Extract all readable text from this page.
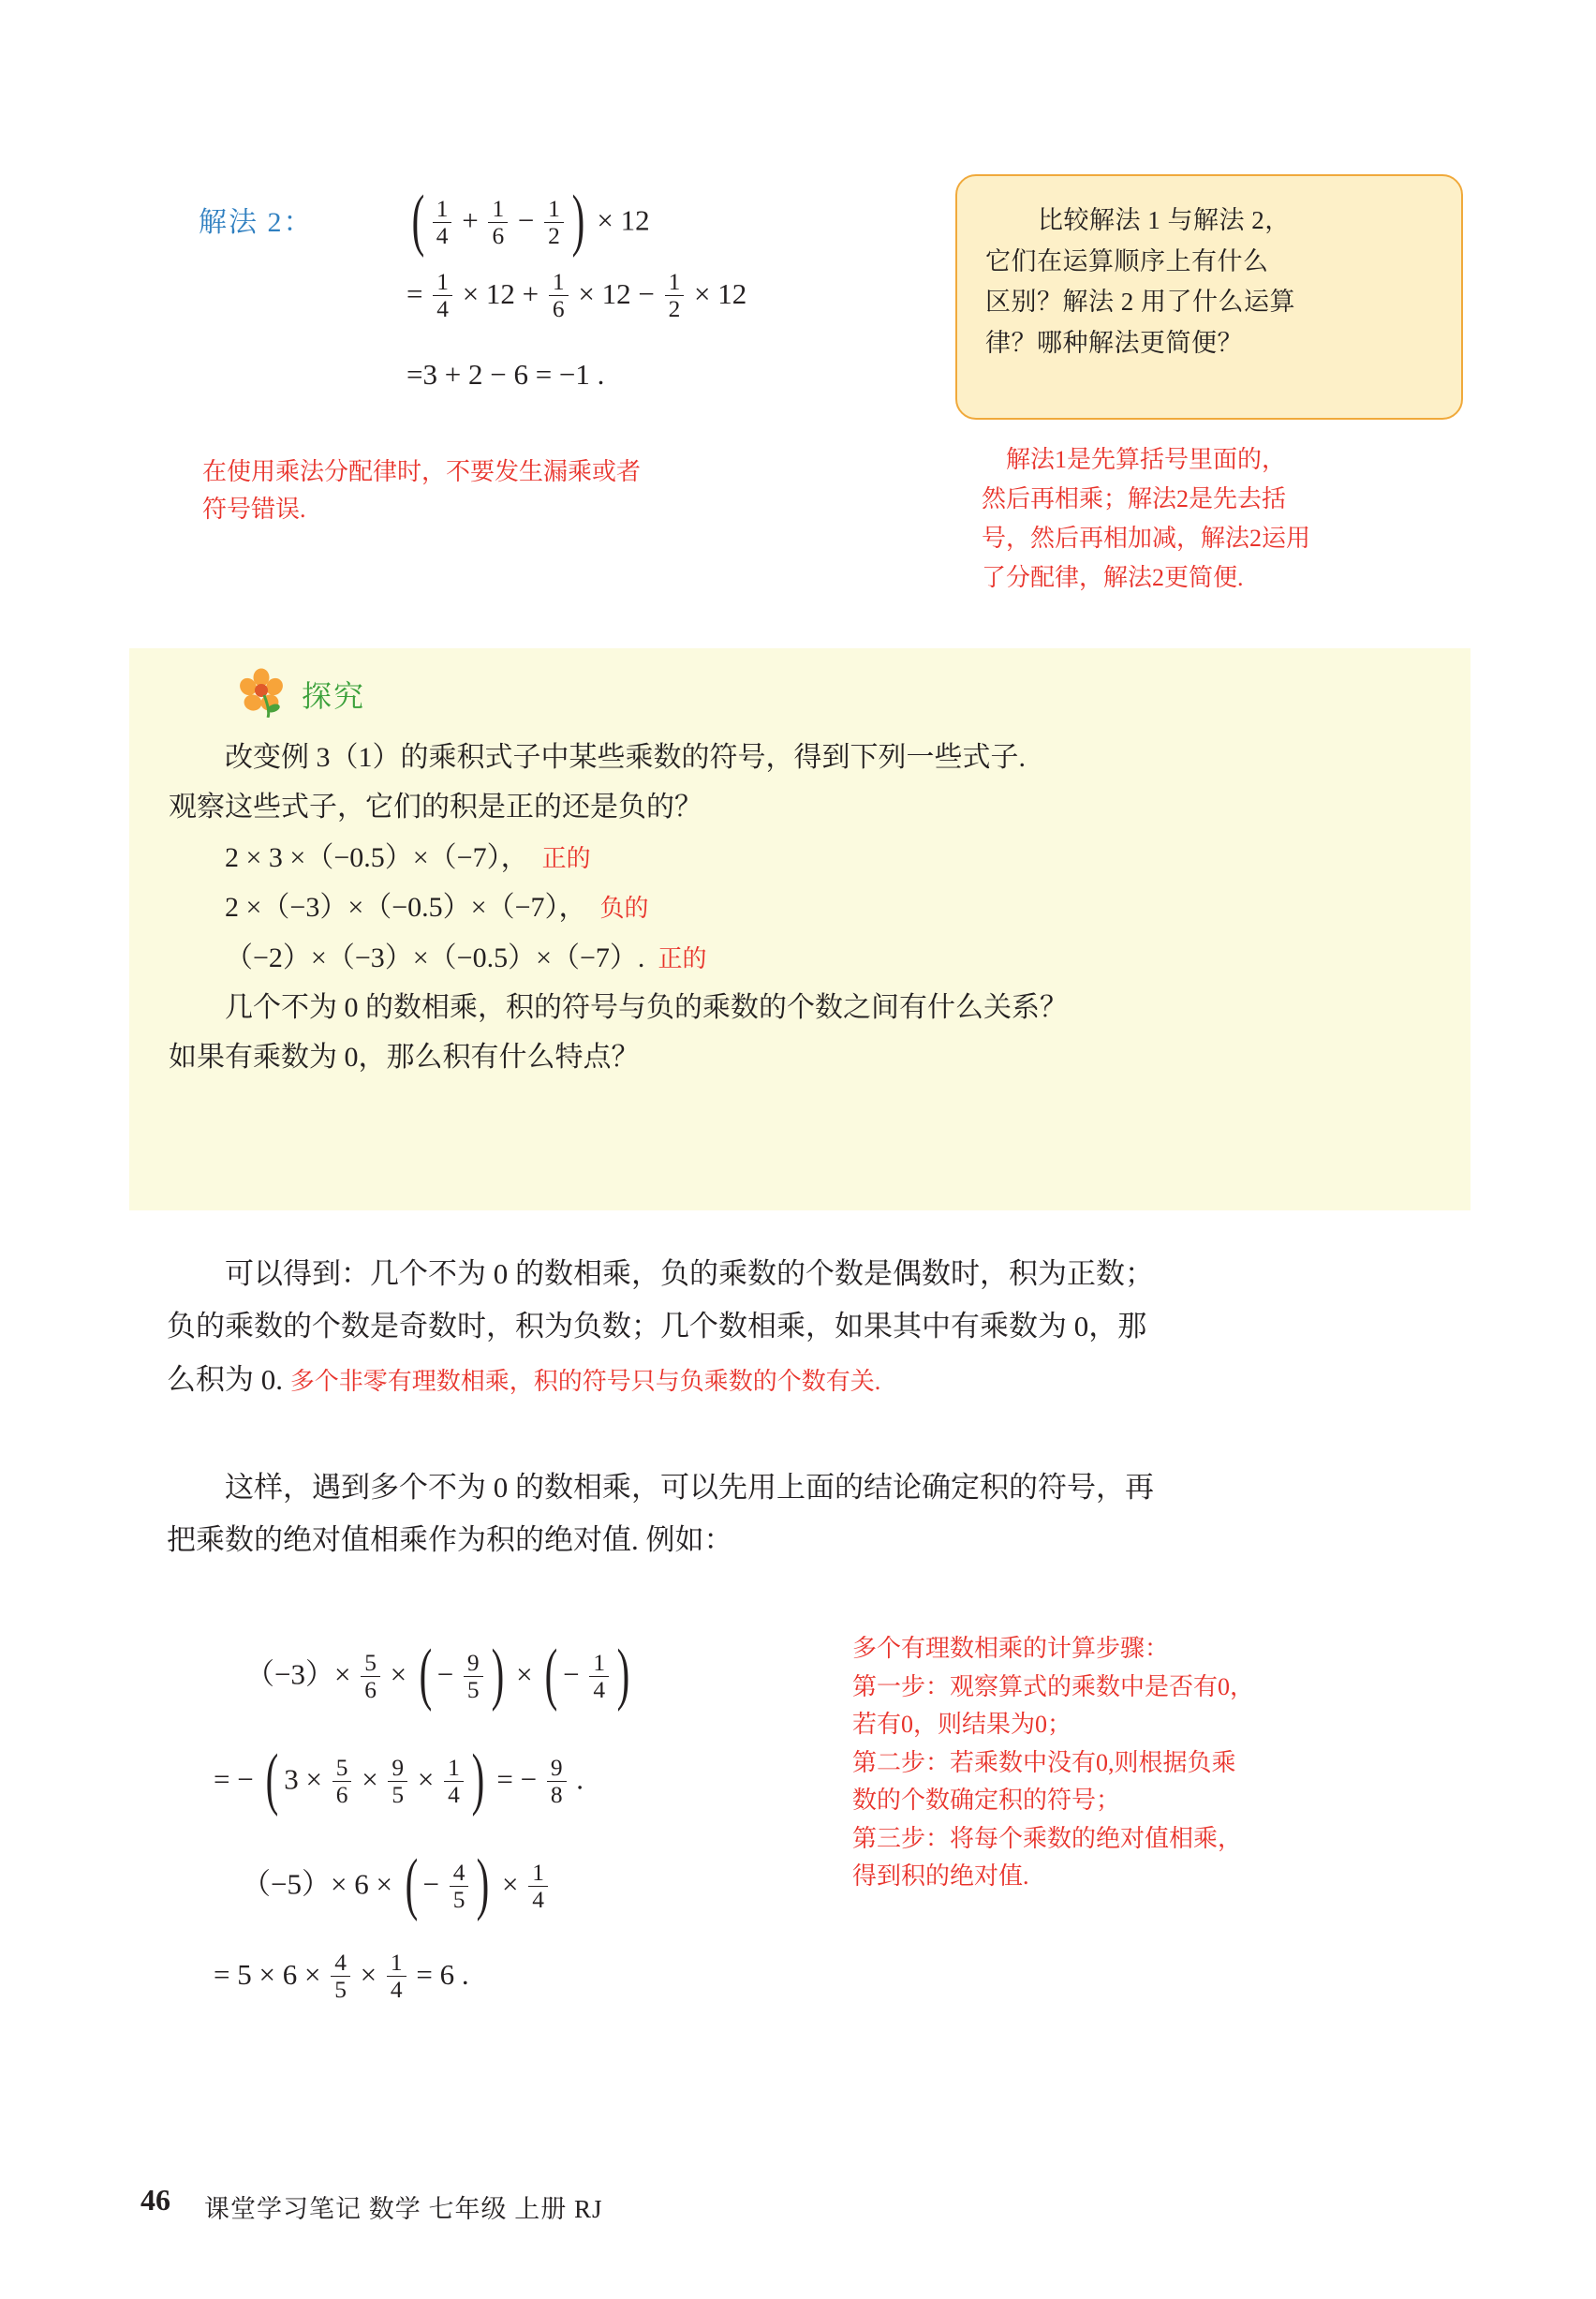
解法 2： ( $\frac{1}{4} + \frac{1}{6} - \frac{1}{2}$ ) × 12
= $\frac{1}{4} \times 12 + \frac{1}{6} \times 12 - \frac{1}{2} \times 12$
=3 + 2 − 6 = −1 .
在使用乘法分配律时，不要发生漏乘或者
符号错误.
比较解法 1 与解法 2，
它们在运算顺序上有什么
区别？解法 2 用了什么运算
律？哪种解法更简便？
解法1是先算括号里面的，
然后再相乘；解法2是先去括
号，然后再相加减，解法2运用
了分配律，解法2更简便.
探究
改变例 3（1）的乘积式子中某些乘数的符号，得到下列一些式子.
观察这些式子，它们的积是正的还是负的？
2 × 3 ×（−0.5）×（−7）， 正的
2 ×（−3）×（−0.5）×（−7）， 负的
（−2）×（−3）×（−0.5）×（−7）. 正的
几个不为 0 的数相乘，积的符号与负的乘数的个数之间有什么关系？
如果有乘数为 0，那么积有什么特点？
可以得到：几个不为 0 的数相乘，负的乘数的个数是偶数时，积为正数；
负的乘数的个数是奇数时，积为负数；几个数相乘，如果其中有乘数为 0，那
么积为 0. 多个非零有理数相乘，积的符号只与负乘数的个数有关.
这样，遇到多个不为 0 的数相乘，可以先用上面的结论确定积的符号，再
把乘数的绝对值相乘作为积的绝对值. 例如：
$(-3)\times \frac{5}{6}$ × ( − $\frac{9}{5}$ ) × ( − $\frac{1}{4}$ )
= − ( $3 \times \frac{5}{6} \times \frac{9}{5} \times \frac{1}{4}$ ) = − $\frac{9}{8}$ .
（−5）× 6 × ( − $\frac{4}{5}$ ) × $\frac{1}{4}$
= $5 \times 6 \times \frac{4}{5} \times \frac{1}{4} = 6$ .
多个有理数相乘的计算步骤：
第一步：观察算式的乘数中是否有0，
若有0，则结果为0；
第二步：若乘数中没有0,则根据负乘
数的个数确定积的符号；
第三步：将每个乘数的绝对值相乘，
得到积的绝对值.
46 课堂学习笔记 数学 七年级 上册 RJ
